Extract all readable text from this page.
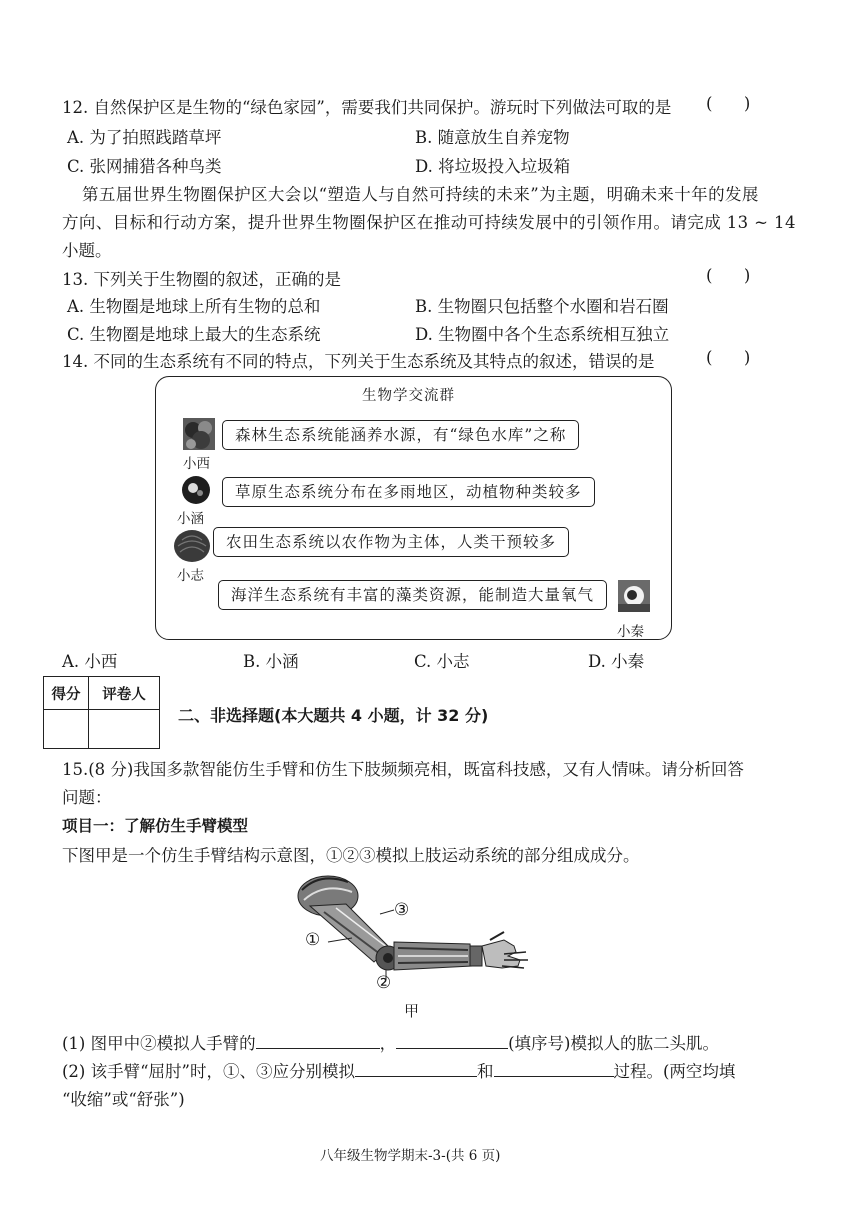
12. 自然保护区是生物的“绿色家园”，需要我们共同保护。游玩时下列做法可取的是 (      )
A. 为了拍照践踏草坪	B. 随意放生自养宠物
C. 张网捕猎各种鸟类	D. 将垃圾投入垃圾箱
第五届世界生物圈保护区大会以“塑造人与自然可持续的未来”为主题，明确未来十年的发展
方向、目标和行动方案，提升世界生物圈保护区在推动可持续发展中的引领作用。请完成 13 ~ 14
小题。
13. 下列关于生物圈的叙述，正确的是	(      )
A. 生物圈是地球上所有生物的总和	B. 生物圈只包括整个水圈和岩石圈
C. 生物圈是地球上最大的生态系统	D. 生物圈中各个生态系统相互独立
14. 不同的生态系统有不同的特点，下列关于生态系统及其特点的叙述，错误的是	(      )
生物学交流群
小西
森林生态系统能涵养水源，有“绿色水库”之称
小涵
草原生态系统分布在多雨地区，动植物种类较多
小志
农田生态系统以农作物为主体，人类干预较多
小秦
海洋生态系统有丰富的藻类资源，能制造大量氧气
A. 小西	B. 小涵	C. 小志	D. 小秦
得分	评卷人

二、非选择题(本大题共 4 小题，计 32 分)
15.(8 分)我国多款智能仿生手臂和仿生下肢频频亮相，既富科技感，又有人情味。请分析回答
问题：
项目一：了解仿生手臂模型
下图甲是一个仿生手臂结构示意图，①②③模拟上肢运动系统的部分组成成分。
①
②
③
甲
(1) 图甲中②模拟人手臂的	，	(填序号)模拟人的肱二头肌。
(2) 该手臂“屈肘”时，①、③应分别模拟	和	过程。(两空均填
“收缩”或“舒张”)
八年级生物学期末-3-(共 6 页)
